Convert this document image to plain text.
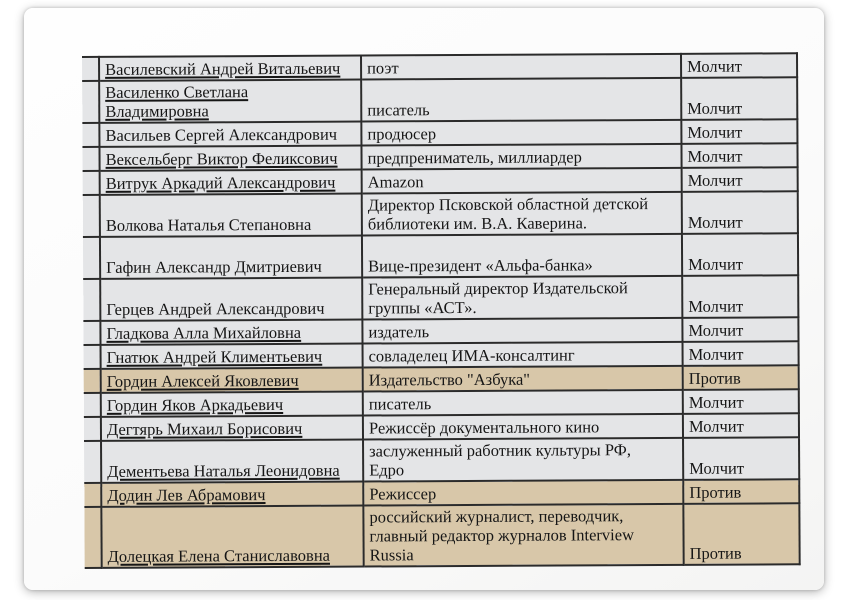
	Василевский Андрей Витальевич	поэт	Молчит
	Василенко Светлана
Владимировна	писатель	Молчит
	Васильев Сергей Александрович	продюсер	Молчит
	Вексельберг Виктор Феликсович	предпрениматель, миллиардер	Молчит
	Витрук Аркадий Александрович	Amazon	Молчит
	Волкова Наталья Степановна	Директор Псковской областной детской
библиотеки им. В.А. Каверина.	Молчит
	Гафин Александр Дмитриевич	Вице-президент «Альфа-банка»	Молчит
	Герцев Андрей Александрович	Генеральный директор Издательской
группы «АСТ».	Молчит
	Гладкова Алла Михайловна	издатель	Молчит
	Гнатюк Андрей Климентьевич	совладелец ИМА-консалтинг	Молчит
	Гордин Алексей Яковлевич	Издательство "Азбука"	Против
	Гордин Яков Аркадьевич	писатель	Молчит
	Дегтярь Михаил Борисович	Режиссёр документального кино	Молчит
	Дементьева Наталья Леонидовна	заслуженный работник культуры РФ,
Едро	Молчит
	Додин Лев Абрамович	Режиссер	Против
	Долецкая Елена Станиславовна	российский журналист, переводчик,
главный редактор журналов Interview
Russia	Против
